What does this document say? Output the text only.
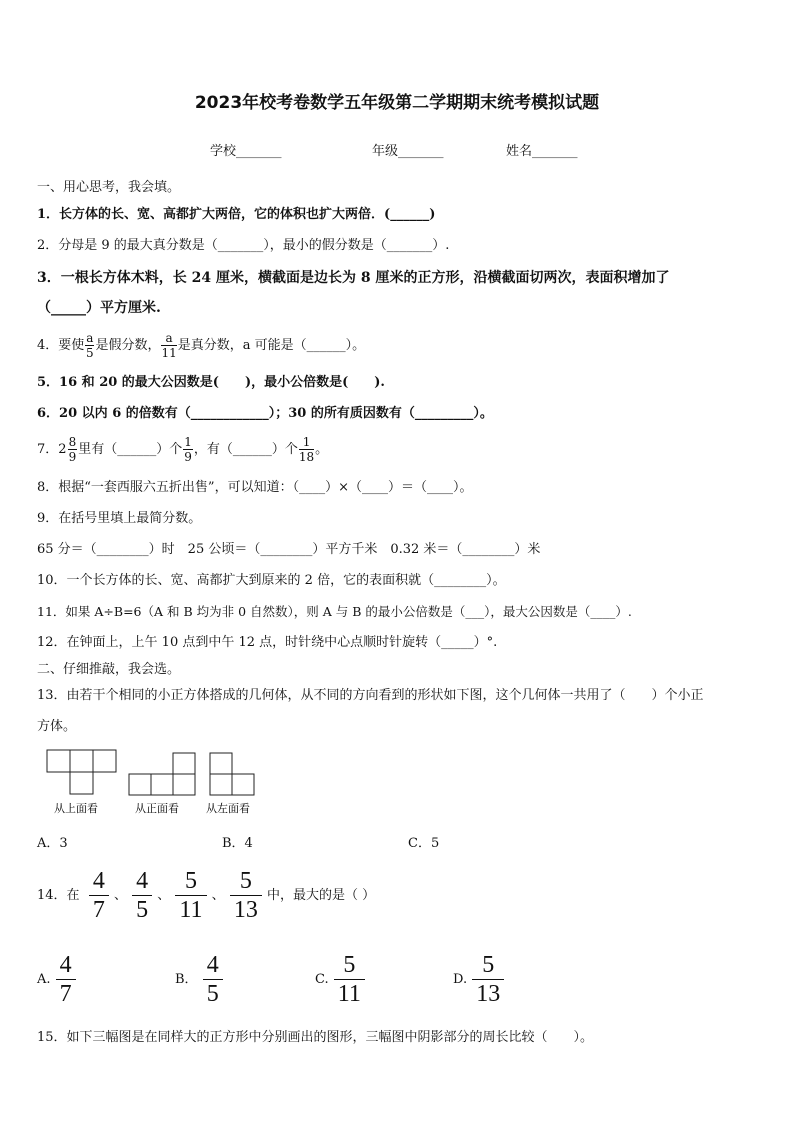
2023年校考卷数学五年级第二学期期末统考模拟试题
学校_______	年级_______	姓名_______
一、用心思考，我会填。
1．长方体的长、宽、高都扩大两倍，它的体积也扩大两倍．(______)
2．分母是 9 的最大真分数是（_______），最小的假分数是（_______）.
3．一根长方体木料，长 24 厘米，横截面是边长为 8 厘米的正方形，沿横截面切两次，表面积增加了
（_____）平方厘米.
4．要使 $\frac{a}{5}$ 是假分数， $\frac{a}{11}$ 是真分数，a 可能是（______）。
5．16 和 20 的最大公因数是(　　)，最小公倍数是(　　).
6．20 以内 6 的倍数有（____________）；30 的所有质因数有（_________）。
7．$2 \frac{8}{9}$ 里有（______）个 $\frac{1}{9}$ ，有（______）个 $\frac{1}{18}$ 。
8．根据“一套西服六五折出售”，可以知道：（____）×（____）＝（____）。
9．在括号里填上最简分数。
65 分＝（________）时　25 公顷＝（________）平方千米　0.32 米＝（________）米
10．一个长方体的长、宽、高都扩大到原来的 2 倍，它的表面积就（________）。
11．如果 A÷B=6（A 和 B 均为非 0 自然数），则 A 与 B 的最小公倍数是（___），最大公因数是（____）.
12．在钟面上，上午 10 点到中午 12 点，时针绕中心点顺时针旋转（_____）°.
二、仔细推敲，我会选。
13．由若干个相同的小正方体搭成的几何体，从不同的方向看到的形状如下图，这个几何体一共用了（　　）个小正
方体。
从上面看	从正面看 从左面看
A．3	B．4	C．5
14．在 $\frac{4}{7}$ 、 $\frac{4}{5}$ 、 $\frac{5}{11}$ 、 $\frac{5}{13}$ 中，最大的是（ ）
A. $\frac{4}{7}$	B． $\frac{4}{5}$	C. $\frac{5}{11}$	D. $\frac{5}{13}$
15．如下三幅图是在同样大的正方形中分别画出的图形，三幅图中阴影部分的周长比较（　　）。
